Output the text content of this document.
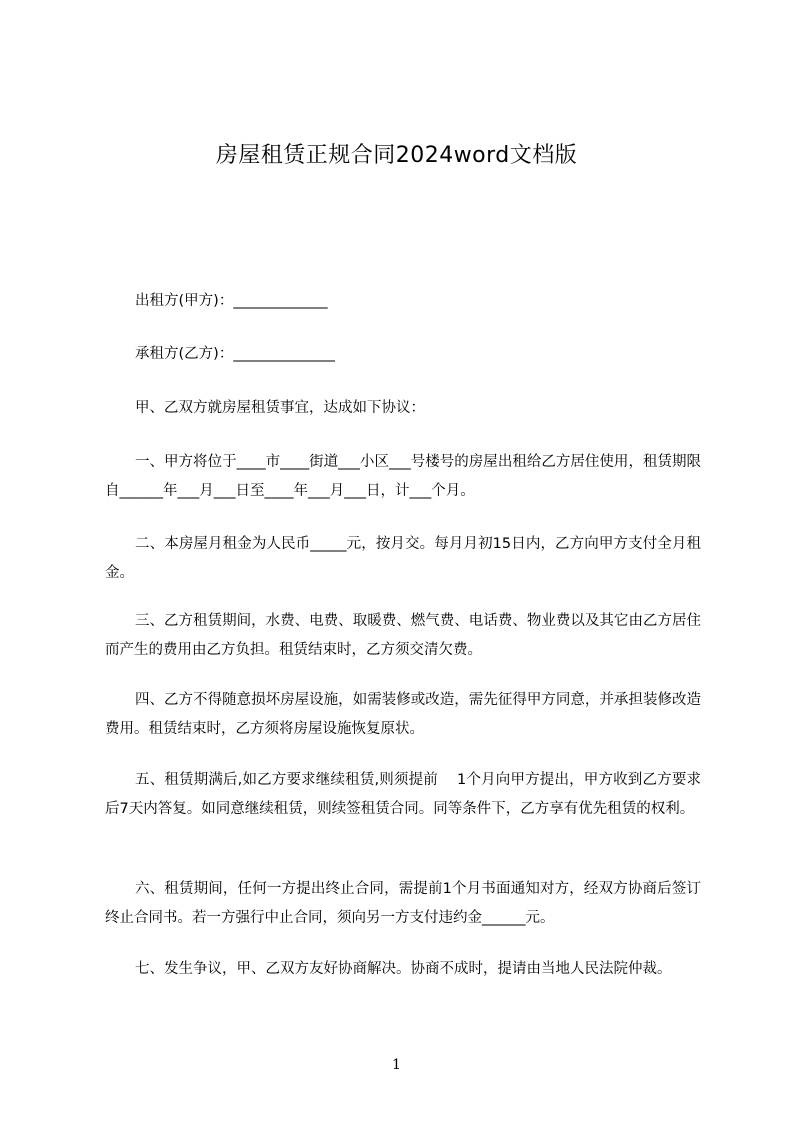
房屋租赁正规合同2024word文档版
出租方(甲方)：_____________
承租方(乙方)：______________
甲、乙双方就房屋租赁事宜，达成如下协议：
一、甲方将位于____市____街道___小区___号楼号的房屋出租给乙方居住使用，租赁期限自______年___月___日至____年___月___日，计___个月。
二、本房屋月租金为人民币_____元，按月交。每月月初15日内，乙方向甲方支付全月租金。
三、乙方租赁期间，水费、电费、取暖费、燃气费、电话费、物业费以及其它由乙方居住而产生的费用由乙方负担。租赁结束时，乙方须交清欠费。
四、乙方不得随意损坏房屋设施，如需装修或改造，需先征得甲方同意，并承担装修改造费用。租赁结束时，乙方须将房屋设施恢复原状。
五、租赁期满后,如乙方要求继续租赁,则须提前    1个月向甲方提出，甲方收到乙方要求后7天内答复。如同意继续租赁，则续签租赁合同。同等条件下，乙方享有优先租赁的权利。
六、租赁期间，任何一方提出终止合同，需提前1个月书面通知对方，经双方协商后签订终止合同书。若一方强行中止合同，须向另一方支付违约金______元。
七、发生争议，甲、乙双方友好协商解决。协商不成时，提请由当地人民法院仲裁。
1
